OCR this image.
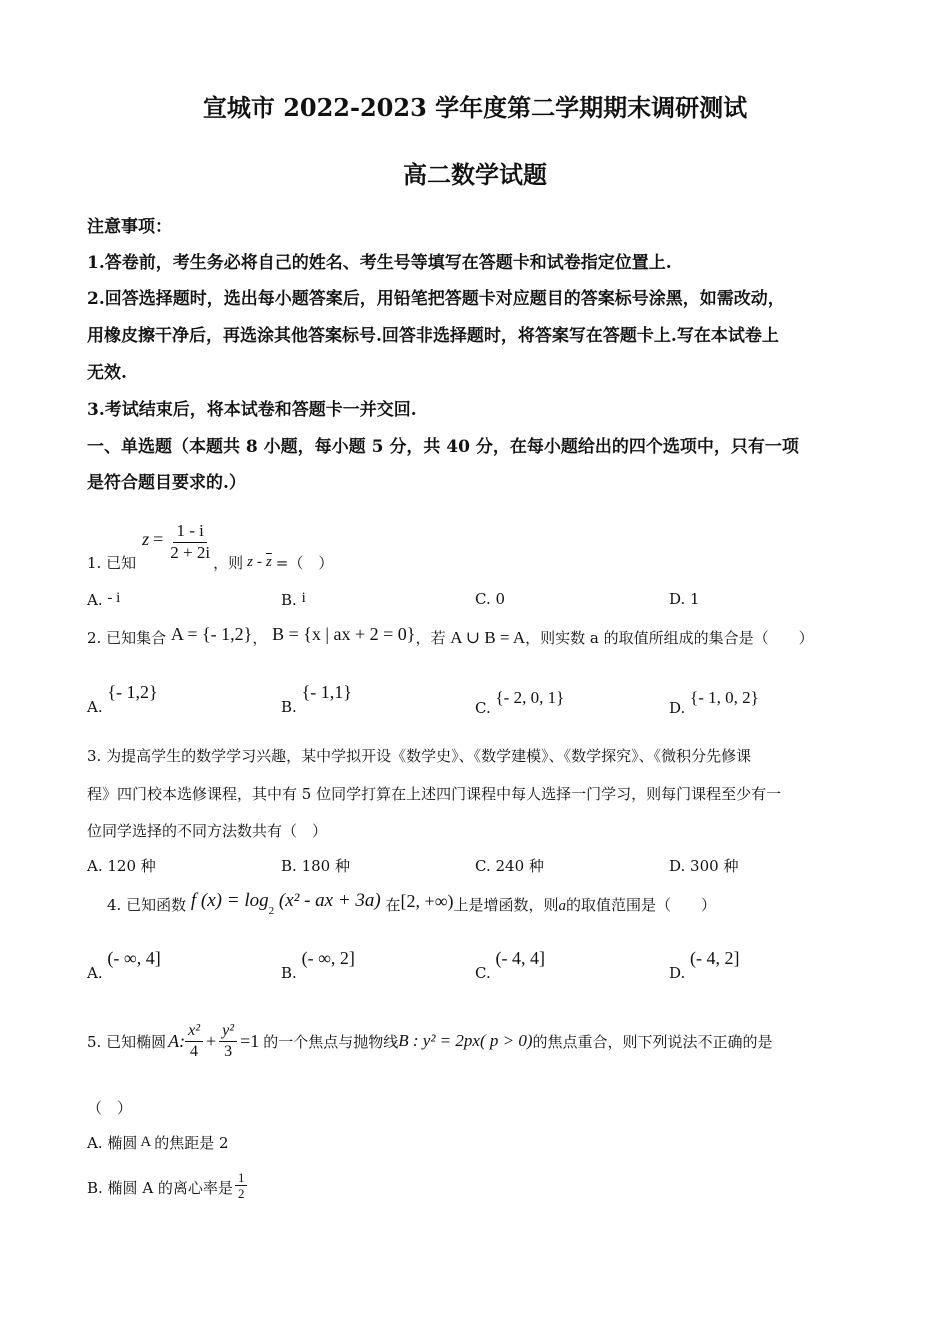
宣城市 2022-2023 学年度第二学期期末调研测试
高二数学试题
注意事项：
1.答卷前，考生务必将自己的姓名、考生号等填写在答题卡和试卷指定位置上.
2.回答选择题时，选出每小题答案后，用铅笔把答题卡对应题目的答案标号涂黑，如需改动，
用橡皮擦干净后，再选涂其他答案标号.回答非选择题时，将答案写在答题卡上.写在本试卷上
无效.
3.考试结束后，将本试卷和答题卡一并交回.
一、单选题（本题共 8 小题，每小题 5 分，共 40 分，在每小题给出的四个选项中，只有一项
是符合题目要求的.）
1. 已知
$z = \frac{1 - i}{2 + 2i}$ ，则 z - $\overline{z}$ =（　）
A. - i	B. i	C. 0	D. 1
2. 已知集合 A = {- 1,2}， B = {x | ax + 2 = 0}，若 A ∪ B = A，则实数 a 的取值所组成的集合是（　　）
A. {- 1,2}
B. {- 1,1}
C. {- 2, 0, 1}
D. {- 1, 0, 2}
3. 为提高学生的数学学习兴趣，某中学拟开设《数学史》、《数学建模》、《数学探究》、《微积分先修课
程》四门校本选修课程，其中有 5 位同学打算在上述四门课程中每人选择一门学习，则每门课程至少有一
位同学选择的不同方法数共有（　）
A. 120 种	B. 180 种	C. 240 种	D. 300 种
4. 已知函数 f $(x) = \log_2 (x^2$ - ax + 3a) 在[2, +∞)上是增函数，则a的取值范围是（　　）
A. (- ∞, 4]
B. (- ∞, 2]
C. (- 4, 4]
D. (- 4, 2]
5. 已知椭圆 A: $\frac{\text{x²}}{4} + \frac{\text{y²}}{3} =1$ 的一个焦点与抛物线 B : y² = 2px( p > 0) 的焦点重合，则下列说法不正确的是
（　）
A. 椭圆 A 的焦距是 2
B. 椭圆 A 的离心率是 $\frac{1}{2}$
